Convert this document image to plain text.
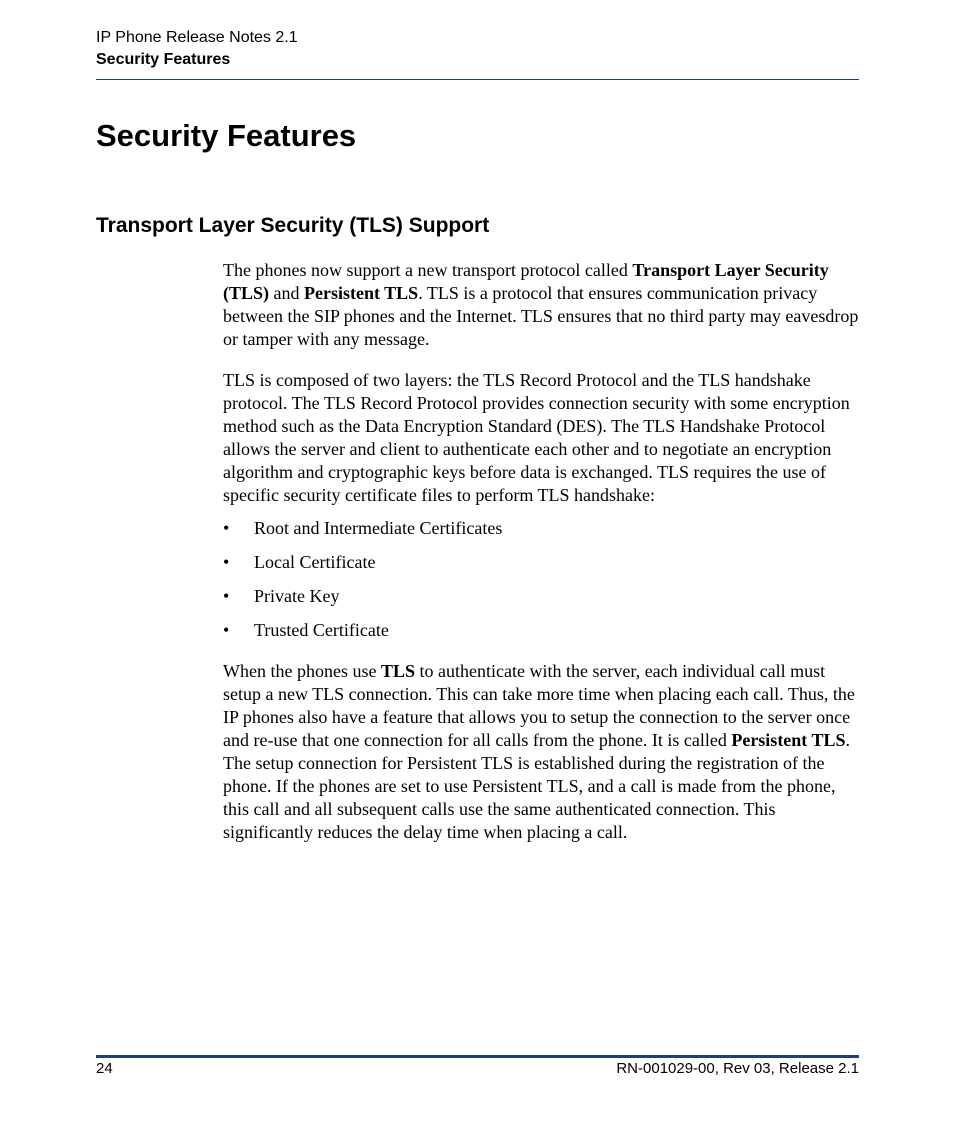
IP Phone Release Notes 2.1
Security Features
Security Features
Transport Layer Security (TLS) Support

The phones now support a new transport protocol called Transport Layer Security (TLS) and Persistent TLS. TLS is a protocol that ensures communication privacy between the SIP phones and the Internet. TLS ensures that no third party may eavesdrop or tamper with any message.

TLS is composed of two layers: the TLS Record Protocol and the TLS handshake protocol. The TLS Record Protocol provides connection security with some encryption method such as the Data Encryption Standard (DES). The TLS Handshake Protocol allows the server and client to authenticate each other and to negotiate an encryption algorithm and cryptographic keys before data is exchanged. TLS requires the use of specific security certificate files to perform TLS handshake:

• Root and Intermediate Certificates
• Local Certificate
• Private Key
• Trusted Certificate

When the phones use TLS to authenticate with the server, each individual call must setup a new TLS connection. This can take more time when placing each call. Thus, the IP phones also have a feature that allows you to setup the connection to the server once and re-use that one connection for all calls from the phone. It is called Persistent TLS. The setup connection for Persistent TLS is established during the registration of the phone. If the phones are set to use Persistent TLS, and a call is made from the phone, this call and all subsequent calls use the same authenticated connection. This significantly reduces the delay time when placing a call.

24	RN-001029-00, Rev 03, Release 2.1
